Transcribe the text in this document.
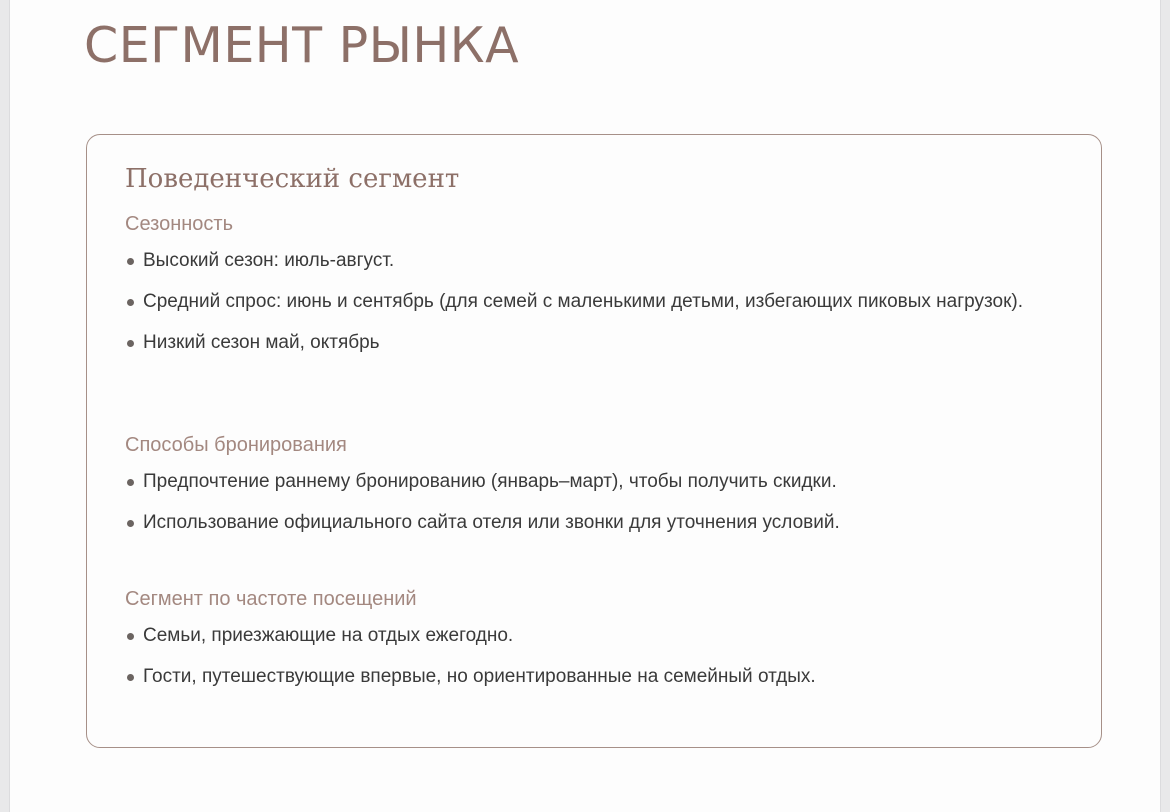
СЕГМЕНТ РЫНКА
Поведенческий сегмент
Сезонность
Высокий сезон: июль-август.
Средний спрос: июнь и сентябрь (для семей с маленькими детьми, избегающих пиковых нагрузок).
Низкий сезон май, октябрь
Способы бронирования
Предпочтение раннему бронированию (январь–март), чтобы получить скидки.
Использование официального сайта отеля или звонки для уточнения условий.
Сегмент по частоте посещений
Семьи, приезжающие на отдых ежегодно.
Гости, путешествующие впервые, но ориентированные на семейный отдых.
